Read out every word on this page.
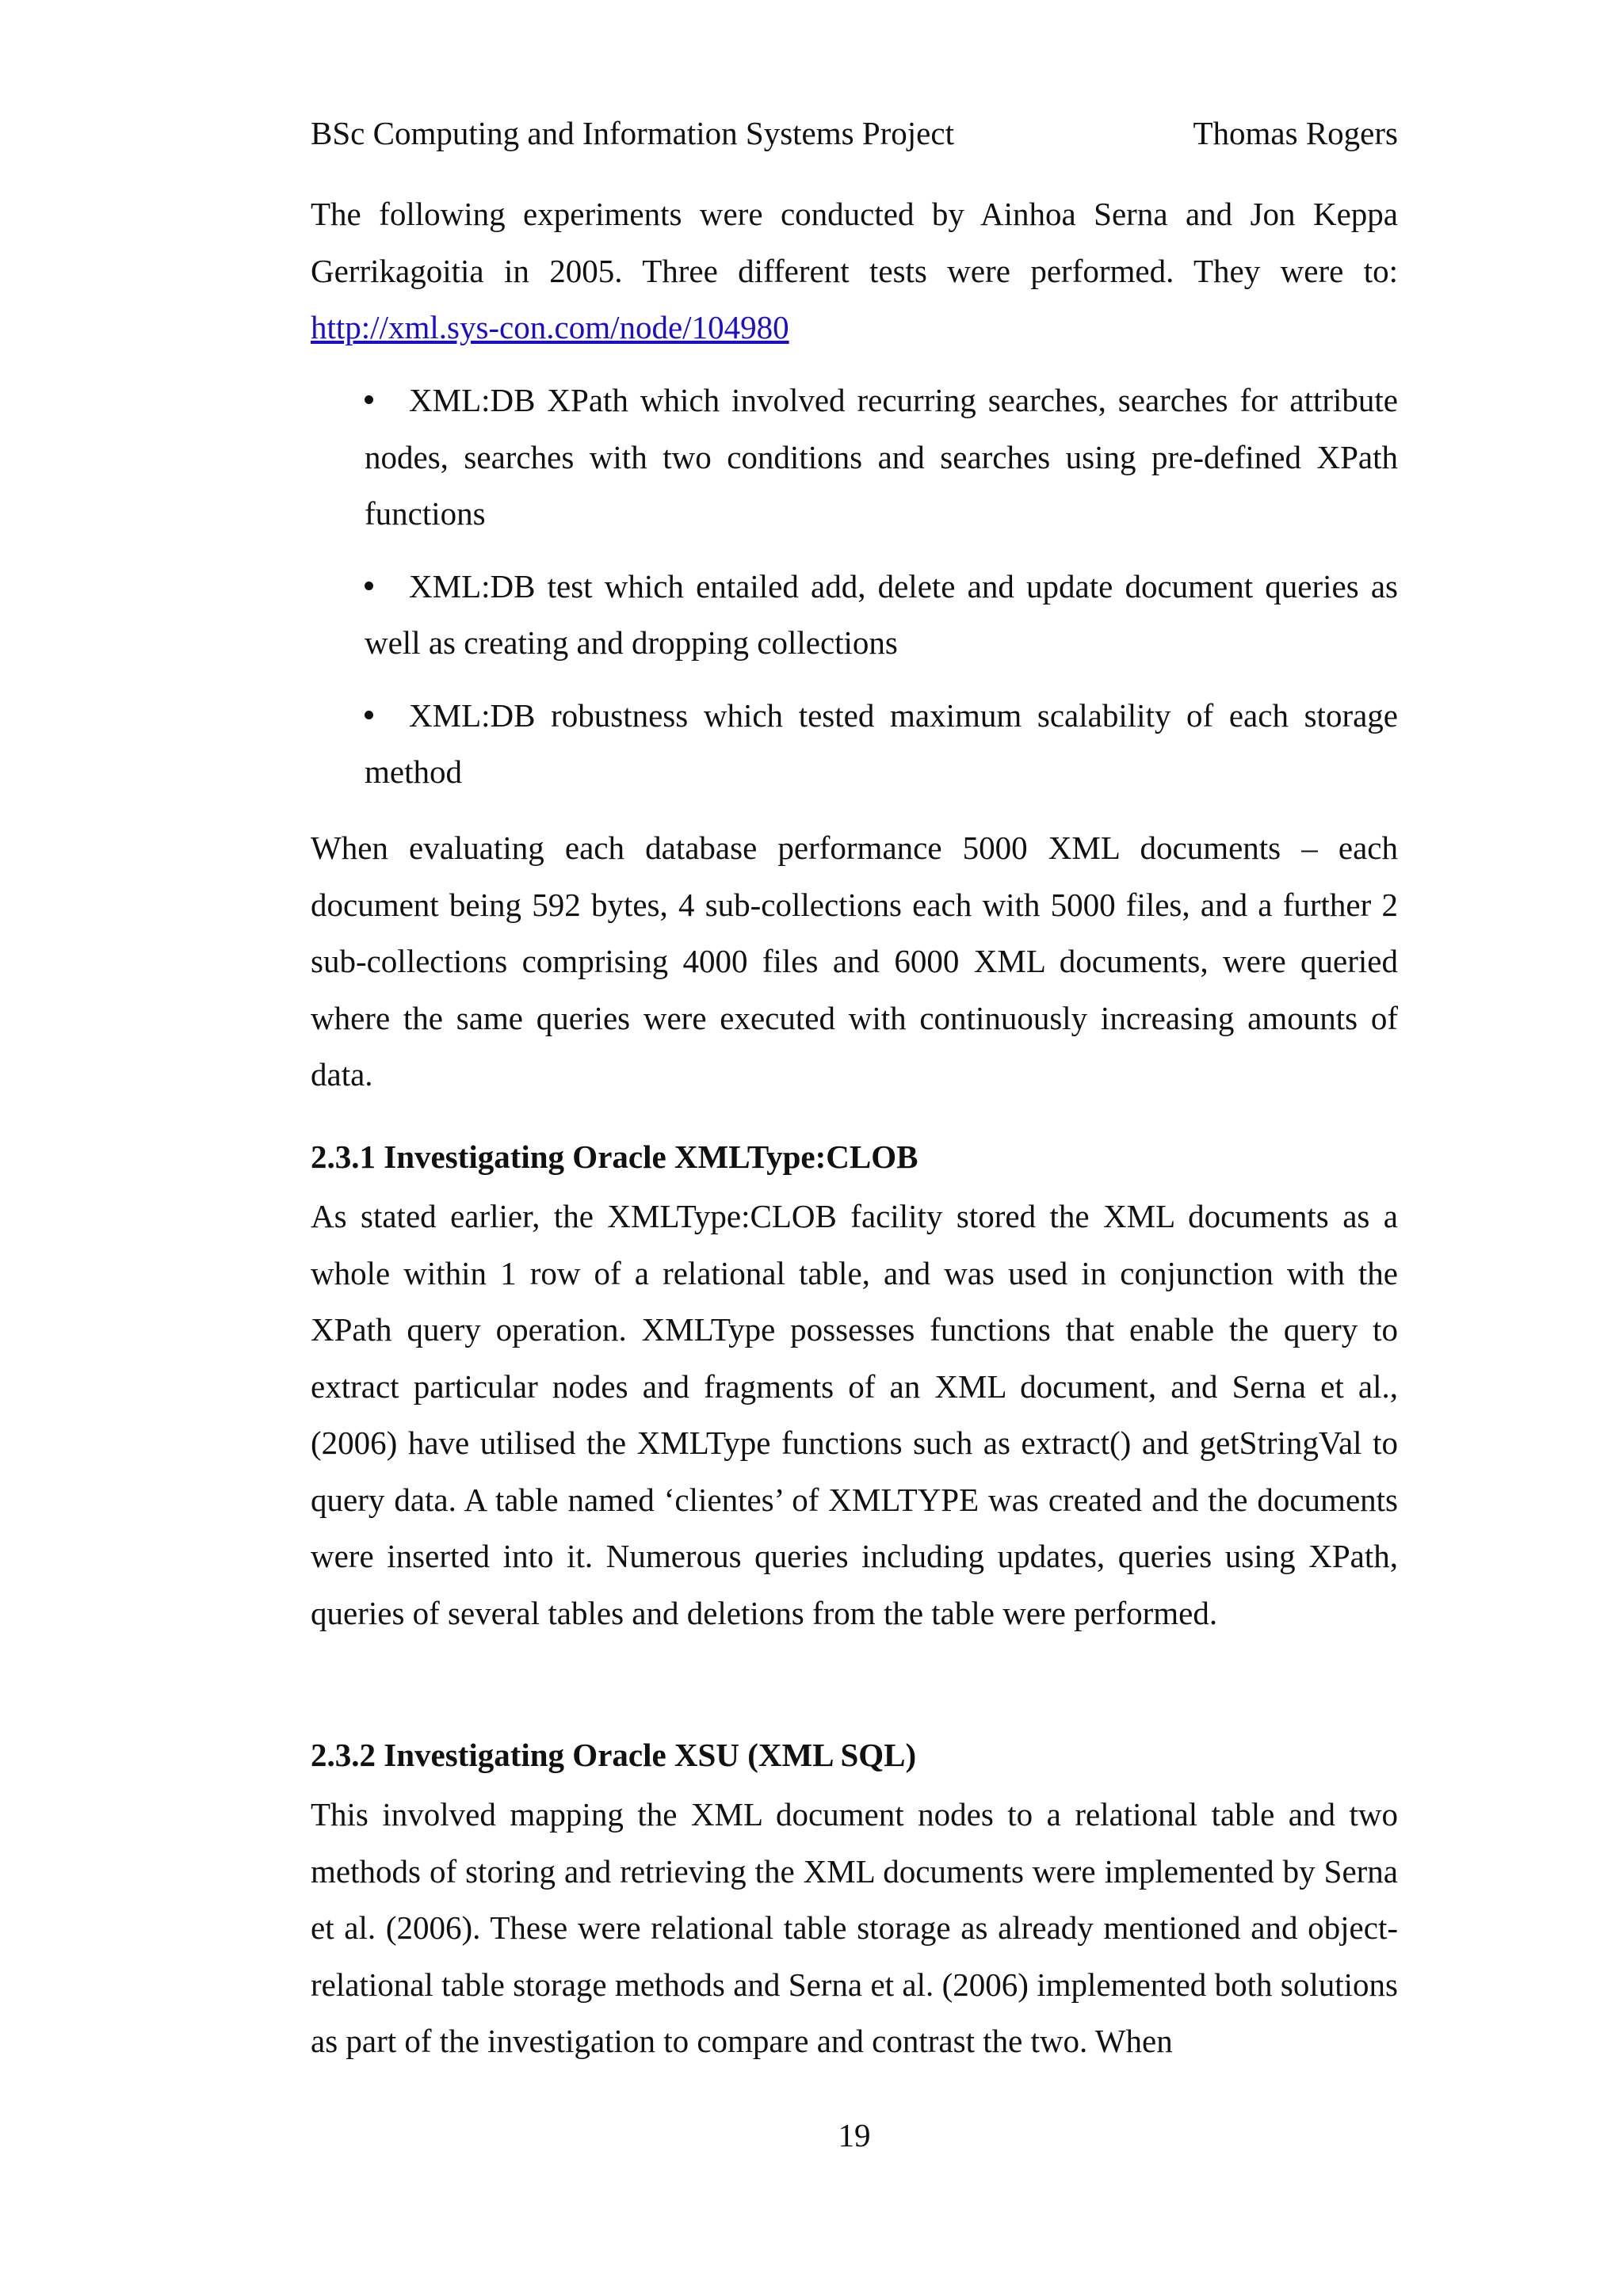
BSc Computing and Information Systems Project	Thomas Rogers

The following experiments were conducted by Ainhoa Serna and Jon Keppa Gerrikagoitia in 2005. Three different tests were performed. They were to: http://xml.sys-con.com/node/104980

XML:DB XPath which involved recurring searches, searches for attribute nodes, searches with two conditions and searches using pre-defined XPath functions
XML:DB test which entailed add, delete and update document queries as well as creating and dropping collections
XML:DB robustness which tested maximum scalability of each storage method

When evaluating each database performance 5000 XML documents – each document being 592 bytes, 4 sub-collections each with 5000 files, and a further 2 sub-collections comprising 4000 files and 6000 XML documents, were queried where the same queries were executed with continuously increasing amounts of data.

2.3.1 Investigating Oracle XMLType:CLOB

As stated earlier, the XMLType:CLOB facility stored the XML documents as a whole within 1 row of a relational table, and was used in conjunction with the XPath query operation. XMLType possesses functions that enable the query to extract particular nodes and fragments of an XML document, and Serna et al., (2006) have utilised the XMLType functions such as extract() and getStringVal to query data. A table named ‘clientes’ of XMLTYPE was created and the documents were inserted into it. Numerous queries including updates, queries using XPath, queries of several tables and deletions from the table were performed.

2.3.2 Investigating Oracle XSU (XML SQL)

This involved mapping the XML document nodes to a relational table and two methods of storing and retrieving the XML documents were implemented by Serna et al. (2006). These were relational table storage as already mentioned and object-relational table storage methods and Serna et al. (2006) implemented both solutions as part of the investigation to compare and contrast the two. When

19
